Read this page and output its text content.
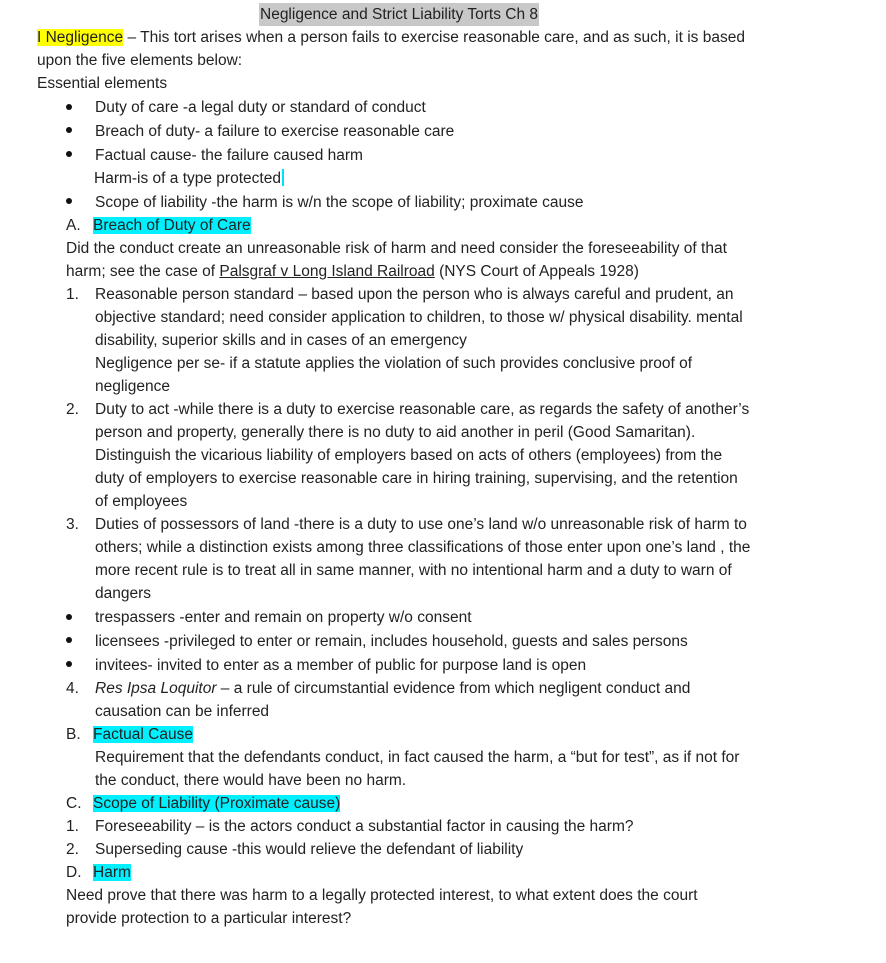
Negligence and Strict Liability Torts Ch 8
I Negligence – This tort arises when a person fails to exercise reasonable care, and as such, it is based
upon the five elements below:
Essential elements
Duty of care -a legal duty or standard of conduct
Breach of duty- a failure to exercise reasonable care
Factual cause- the failure caused harm
Harm-is of a type protected
Scope of liability -the harm is w/n the scope of liability; proximate cause
A. Breach of Duty of Care
Did the conduct create an unreasonable risk of harm and need consider the foreseeability of that
harm; see the case of Palsgraf v Long Island Railroad (NYS Court of Appeals 1928)
1. Reasonable person standard – based upon the person who is always careful and prudent, an
objective standard; need consider application to children, to those w/ physical disability. mental
disability, superior skills and in cases of an emergency
Negligence per se- if a statute applies the violation of such provides conclusive proof of
negligence
2. Duty to act -while there is a duty to exercise reasonable care, as regards the safety of another’s
person and property, generally there is no duty to aid another in peril (Good Samaritan).
Distinguish the vicarious liability of employers based on acts of others (employees) from the
duty of employers to exercise reasonable care in hiring training, supervising, and the retention
of employees
3. Duties of possessors of land -there is a duty to use one’s land w/o unreasonable risk of harm to
others; while a distinction exists among three classifications of those enter upon one’s land , the
more recent rule is to treat all in same manner, with no intentional harm and a duty to warn of
dangers
trespassers -enter and remain on property w/o consent
licensees -privileged to enter or remain, includes household, guests and sales persons
invitees- invited to enter as a member of public for purpose land is open
4. Res Ipsa Loquitor – a rule of circumstantial evidence from which negligent conduct and
causation can be inferred
B. Factual Cause
Requirement that the defendants conduct, in fact caused the harm, a “but for test”, as if not for
the conduct, there would have been no harm.
C. Scope of Liability (Proximate cause)
1. Foreseeability – is the actors conduct a substantial factor in causing the harm?
2. Superseding cause -this would relieve the defendant of liability
D. Harm
Need prove that there was harm to a legally protected interest, to what extent does the court
provide protection to a particular interest?
